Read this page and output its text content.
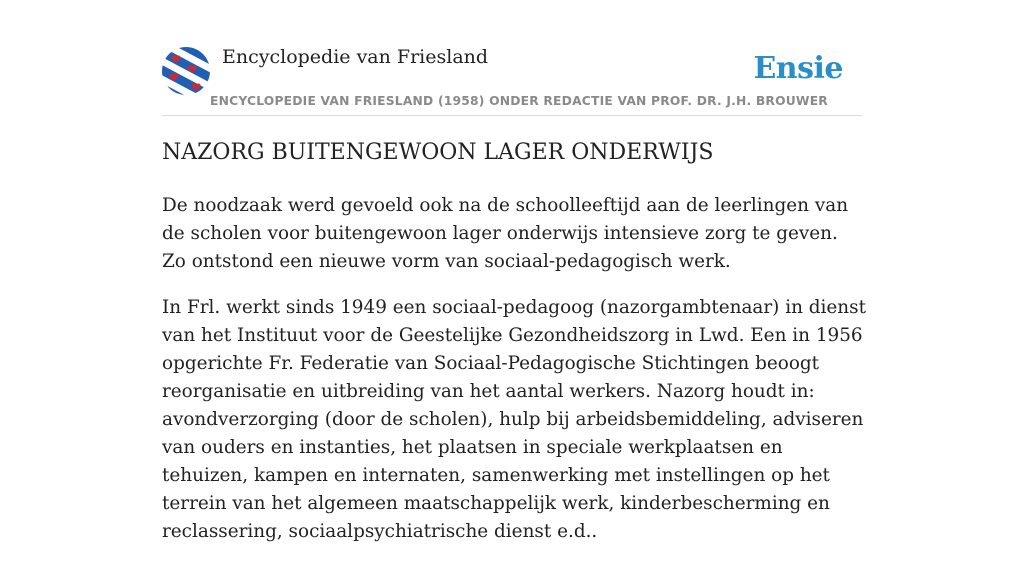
Encyclopedie van Friesland	Ensie
ENCYCLOPEDIE VAN FRIESLAND (1958) ONDER REDACTIE VAN PROF. DR. J.H. BROUWER
NAZORG BUITENGEWOON LAGER ONDERWIJS

De noodzaak werd gevoeld ook na de schoolleeftijd aan de leerlingen van de scholen voor buitengewoon lager onderwijs intensieve zorg te geven. Zo ontstond een nieuwe vorm van sociaal-pedagogisch werk.

In Frl. werkt sinds 1949 een sociaal-pedagoog (nazorgambtenaar) in dienst van het Instituut voor de Geestelijke Gezondheidszorg in Lwd. Een in 1956 opgerichte Fr. Federatie van Sociaal-Pedagogische Stichtingen beoogt reorganisatie en uitbreiding van het aantal werkers. Nazorg houdt in: avondverzorging (door de scholen), hulp bij arbeidsbemiddeling, adviseren van ouders en instanties, het plaatsen in speciale werkplaatsen en tehuizen, kampen en internaten, samenwerking met instellingen op het terrein van het algemeen maatschappelijk werk, kinderbescherming en reclassering, sociaalpsychiatrische dienst e.d..
